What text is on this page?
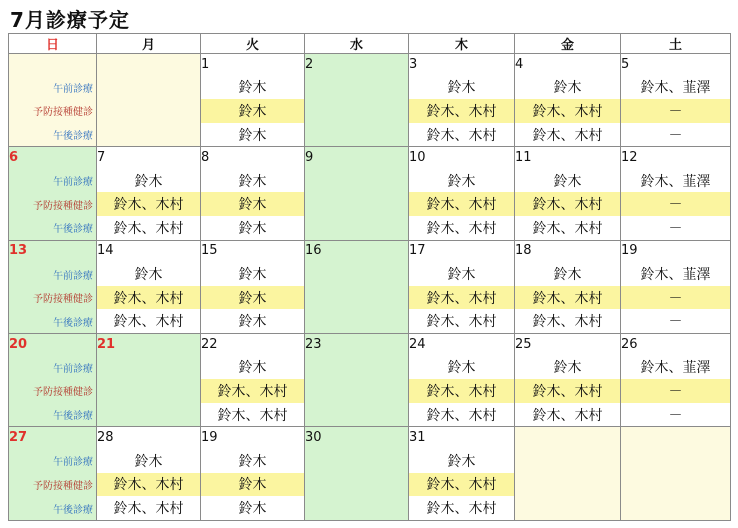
7月診療予定
日	月	火	水	木	金	土
		1	2	3	4	5
午前診療		鈴木		鈴木	鈴木	鈴木、韮澤
予防接種健診		鈴木		鈴木、木村	鈴木、木村	－
午後診療		鈴木		鈴木、木村	鈴木、木村	－
6	7	8	9	10	11	12
午前診療	鈴木	鈴木		鈴木	鈴木	鈴木、韮澤
予防接種健診	鈴木、木村	鈴木		鈴木、木村	鈴木、木村	－
午後診療	鈴木、木村	鈴木		鈴木、木村	鈴木、木村	－
13	14	15	16	17	18	19
午前診療	鈴木	鈴木		鈴木	鈴木	鈴木、韮澤
予防接種健診	鈴木、木村	鈴木		鈴木、木村	鈴木、木村	－
午後診療	鈴木、木村	鈴木		鈴木、木村	鈴木、木村	－
20	21	22	23	24	25	26
午前診療		鈴木		鈴木	鈴木	鈴木、韮澤
予防接種健診		鈴木、木村		鈴木、木村	鈴木、木村	－
午後診療		鈴木、木村		鈴木、木村	鈴木、木村	－
27	28	19	30	31		
午前診療	鈴木	鈴木		鈴木		
予防接種健診	鈴木、木村	鈴木		鈴木、木村		
午後診療	鈴木、木村	鈴木		鈴木、木村		
